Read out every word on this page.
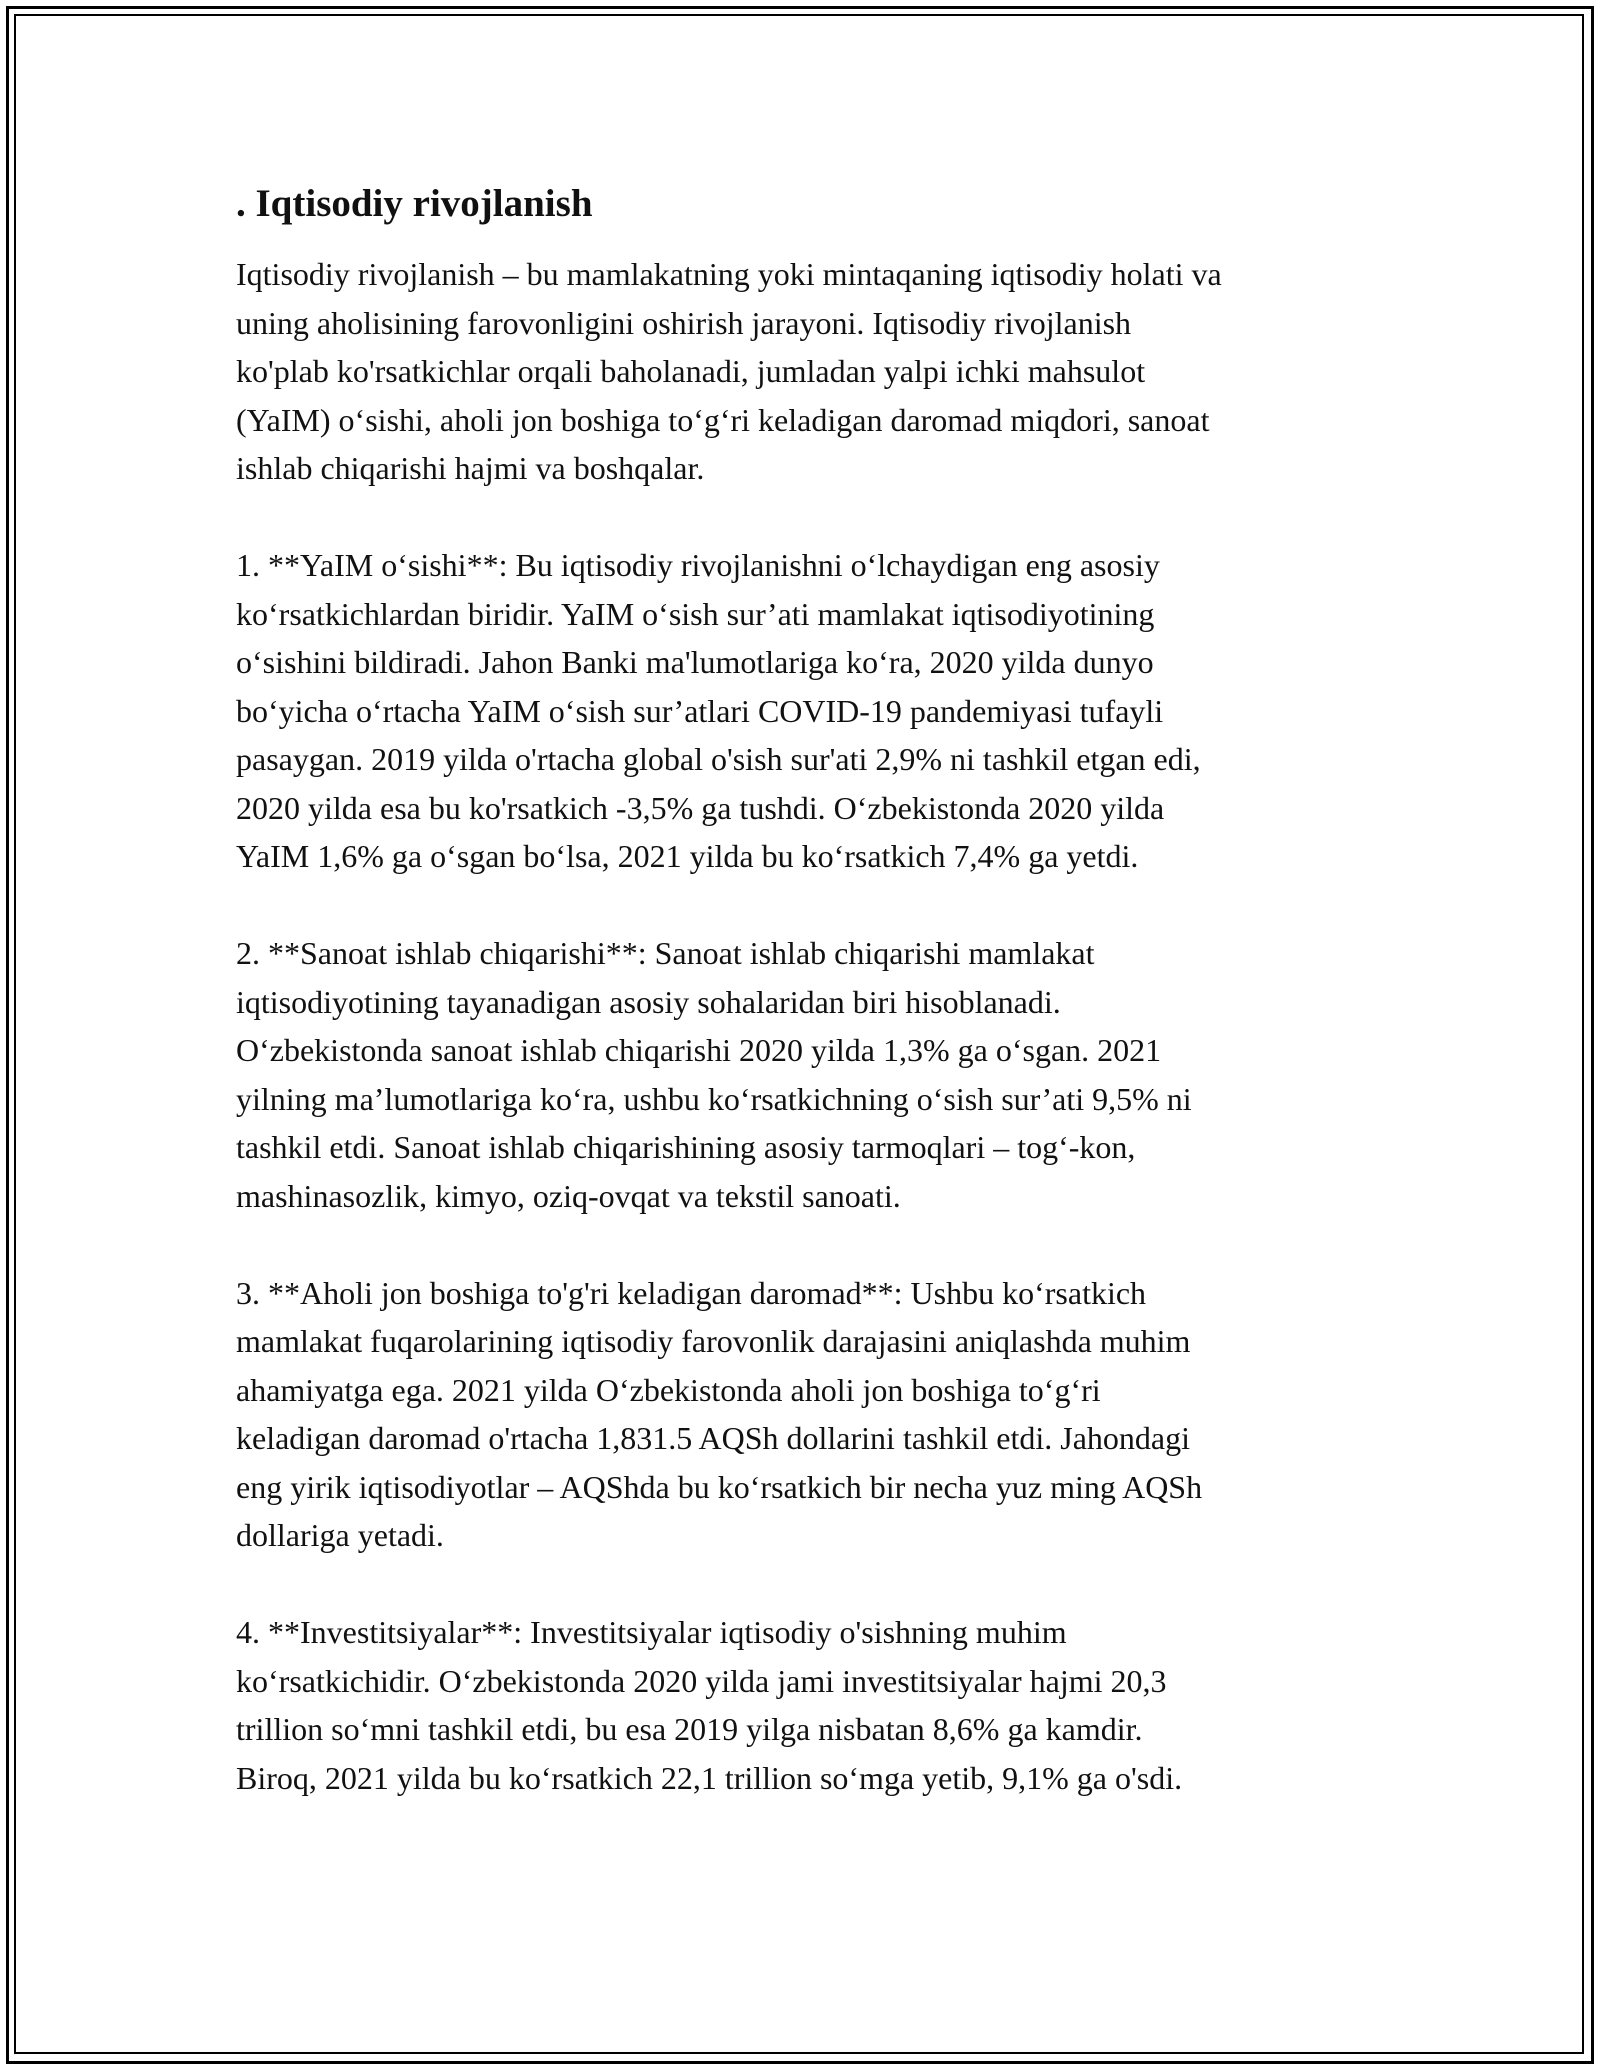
. Iqtisodiy rivojlanish
Iqtisodiy rivojlanish – bu mamlakatning yoki mintaqaning iqtisodiy holati va
uning aholisining farovonligini oshirish jarayoni. Iqtisodiy rivojlanish
ko'plab ko'rsatkichlar orqali baholanadi, jumladan yalpi ichki mahsulot
(YaIM) o‘sishi, aholi jon boshiga to‘g‘ri keladigan daromad miqdori, sanoat
ishlab chiqarishi hajmi va boshqalar.
1. **YaIM o‘sishi**: Bu iqtisodiy rivojlanishni o‘lchaydigan eng asosiy
ko‘rsatkichlardan biridir. YaIM o‘sish sur’ati mamlakat iqtisodiyotining
o‘sishini bildiradi. Jahon Banki ma'lumotlariga ko‘ra, 2020 yilda dunyo
bo‘yicha o‘rtacha YaIM o‘sish sur’atlari COVID-19 pandemiyasi tufayli
pasaygan. 2019 yilda o'rtacha global o'sish sur'ati 2,9% ni tashkil etgan edi,
2020 yilda esa bu ko'rsatkich -3,5% ga tushdi. O‘zbekistonda 2020 yilda
YaIM 1,6% ga o‘sgan bo‘lsa, 2021 yilda bu ko‘rsatkich 7,4% ga yetdi.
2. **Sanoat ishlab chiqarishi**: Sanoat ishlab chiqarishi mamlakat
iqtisodiyotining tayanadigan asosiy sohalaridan biri hisoblanadi.
O‘zbekistonda sanoat ishlab chiqarishi 2020 yilda 1,3% ga o‘sgan. 2021
yilning ma’lumotlariga ko‘ra, ushbu ko‘rsatkichning o‘sish sur’ati 9,5% ni
tashkil etdi. Sanoat ishlab chiqarishining asosiy tarmoqlari – tog‘-kon,
mashinasozlik, kimyo, oziq-ovqat va tekstil sanoati.
3. **Aholi jon boshiga to'g'ri keladigan daromad**: Ushbu ko‘rsatkich
mamlakat fuqarolarining iqtisodiy farovonlik darajasini aniqlashda muhim
ahamiyatga ega. 2021 yilda O‘zbekistonda aholi jon boshiga to‘g‘ri
keladigan daromad o'rtacha 1,831.5 AQSh dollarini tashkil etdi. Jahondagi
eng yirik iqtisodiyotlar – AQShda bu ko‘rsatkich bir necha yuz ming AQSh
dollariga yetadi.
4. **Investitsiyalar**: Investitsiyalar iqtisodiy o'sishning muhim
ko‘rsatkichidir. O‘zbekistonda 2020 yilda jami investitsiyalar hajmi 20,3
trillion so‘mni tashkil etdi, bu esa 2019 yilga nisbatan 8,6% ga kamdir.
Biroq, 2021 yilda bu ko‘rsatkich 22,1 trillion so‘mga yetib, 9,1% ga o'sdi.
